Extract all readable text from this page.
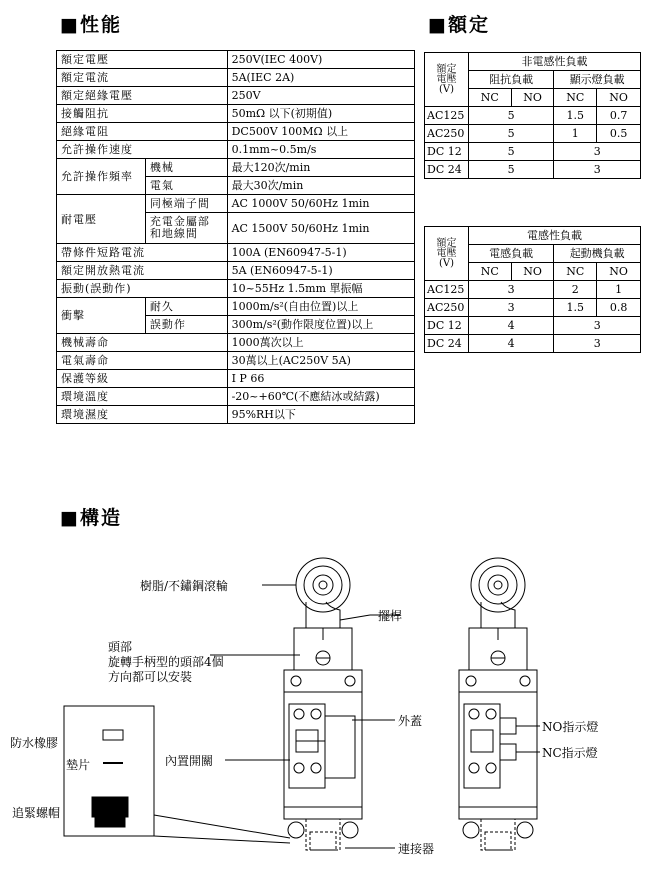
■性能	■額定
額定電壓		250V(IEC 400V)
額定電流		5A(IEC 2A)
額定絕緣電壓		250V
接觸阻抗		50mΩ 以下(初期值)
絕緣電阻		DC500V 100MΩ 以上
允許操作速度		0.1mm~0.5m/s
允許操作頻率	機械	最大120次/min
	電氣	最大30次/min
耐電壓	同極端子間	AC 1000V 50/60Hz 1min
	充電金屬部
和地線間	AC 1500V 50/60Hz 1min
帶條件短路電流		100A (EN60947-5-1)
額定開放熱電流		5A (EN60947-5-1)
振動(誤動作)		10~55Hz 1.5mm 單振幅
衝擊	耐久	1000m/s²(自由位置)以上
	誤動作	300m/s²(動作限度位置)以上
機械壽命		1000萬次以上
電氣壽命		30萬以上(AC250V 5A)
保護等級		I P 66
環境溫度		-20~+60℃(不應結冰或結露)
環境濕度		95%RH以下
額定
電壓
(V)	非電感性負載			
	阻抗負載		顯示燈負載	
	NC	NO	NC	NO
AC125	5		1.5	0.7
AC250	5		1	0.5
DC 12	5		3	
DC 24	5		3	
額定
電壓
(V)	電感性負載			
	電感負載		起動機負載	
	NC	NO	NC	NO
AC125	3		2	1
AC250	3		1.5	0.8
DC 12	4		3	
DC 24	4		3	
■構造
樹脂/不鏽鋼滾輪
擺桿
頭部
旋轉手柄型的頭部4個
方向都可以安裝
防水橡膠
墊片
追緊螺帽
內置開關
外蓋
連接器
NO指示燈
NC指示燈
